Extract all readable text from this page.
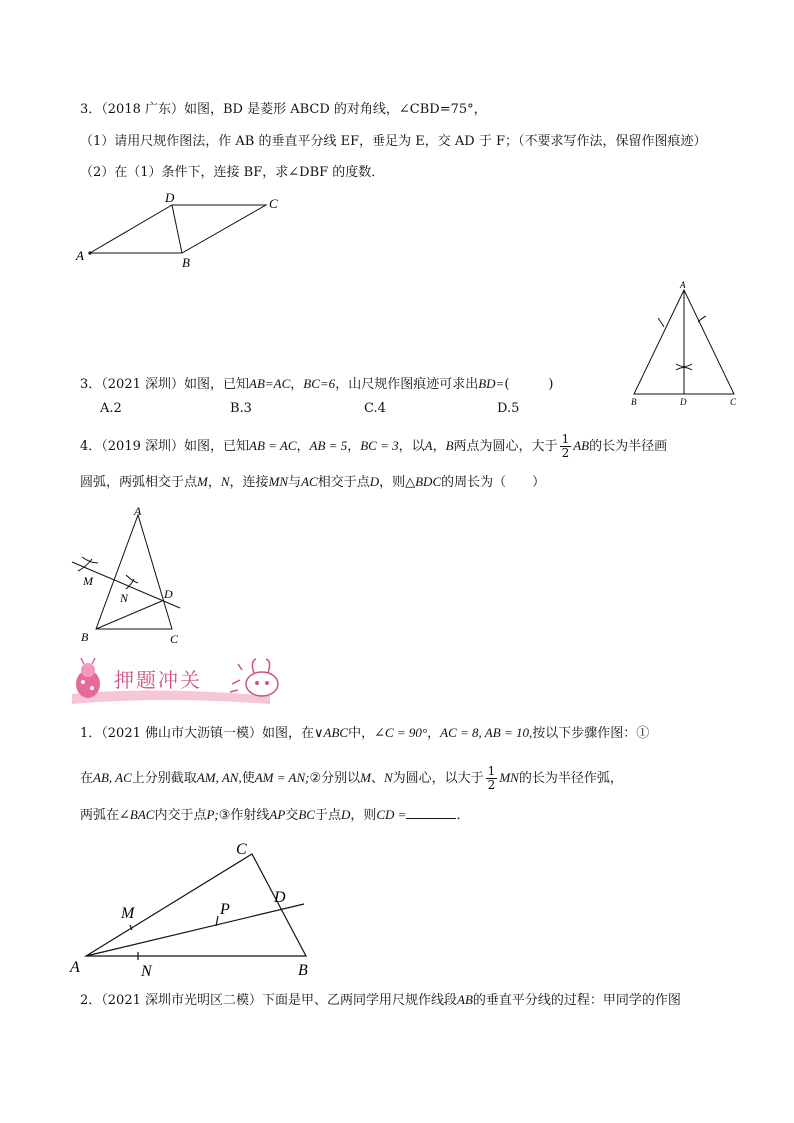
3．（2018 广东）如图，BD 是菱形 ABCD 的对角线，∠CBD=75°，
（1）请用尺规作图法，作 AB 的垂直平分线 EF，垂足为 E，交 AD 于 F；（不要求写作法，保留作图痕迹）
（2）在（1）条件下，连接 BF，求∠DBF 的度数．
A	B
C
D
A
B	D	C
3．（2021 深圳）如图，已知AB=AC，BC=6，山尺规作图痕迹可求出BD=(　　　)
A.2	B.3	C.4	D.5
4．（2019 深圳）如图，已知AB = AC，AB = 5，BC = 3，以A，B两点为圆心，大于 $\frac{1}{2}$ AB的长为半径画
圆弧，两弧相交于点M，N，连接MN与AC相交于点D，则△BDC的周长为（　　）
A
B	C
D
M
N
押题冲关
1．（2021 佛山市大沥镇一模）如图，在∨ABC中，∠C = 90°，AC = 8, AB = 10,按以下步骤作图：①
在AB, AC上分别截取AM, AN,使AM = AN;②分别以M、N为圆心，以大于 $\frac{1}{2}$ MN的长为半径作弧，
两弧在∠BAC内交于点P;③作射线AP交BC于点D，则CD =	．
A	B
C
D
M
N
P
2．（2021 深圳市光明区二模）下面是甲、乙两同学用尺规作线段AB的垂直平分线的过程：甲同学的作图
